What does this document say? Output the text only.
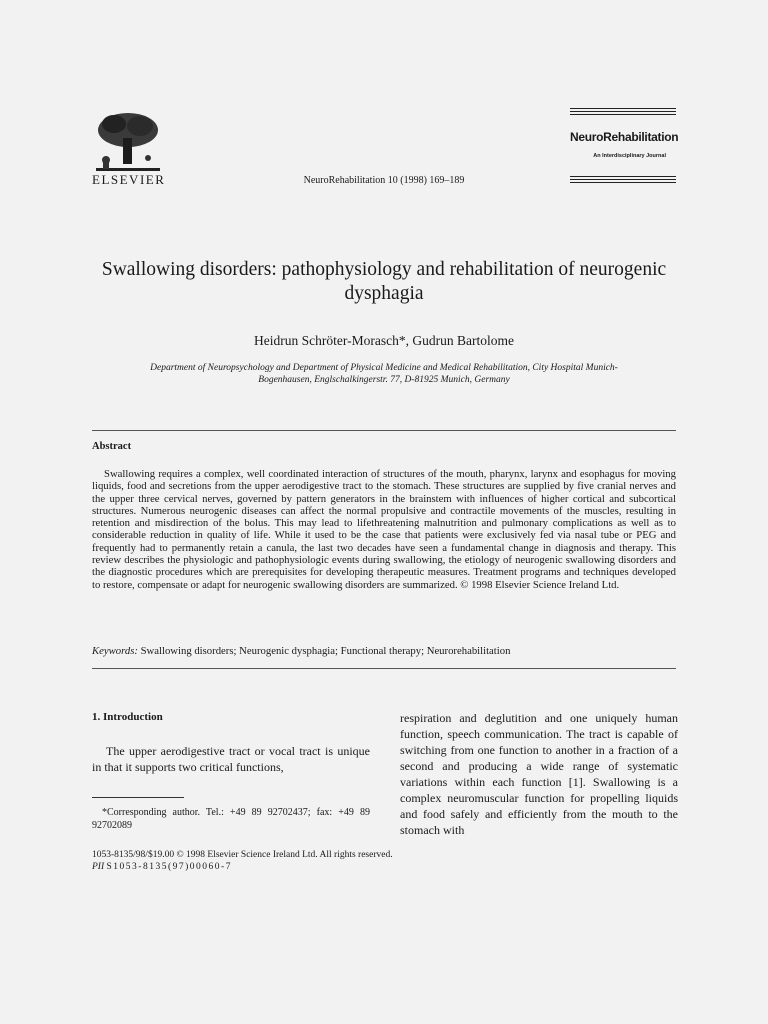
ELSEVIER	NeuroRehabilitation 10 (1998) 169–189
NeuroRehabilitation
An Interdisciplinary Journal
Swallowing disorders: pathophysiology and rehabilitation of neurogenic dysphagia
Heidrun Schröter-Morasch*, Gudrun Bartolome
Department of Neuropsychology and Department of Physical Medicine and Medical Rehabilitation, City Hospital Munich-Bogenhausen, Englschalkingerstr. 77, D-81925 Munich, Germany
Abstract
Swallowing requires a complex, well coordinated interaction of structures of the mouth, pharynx, larynx and esophagus for moving liquids, food and secretions from the upper aerodigestive tract to the stomach. These structures are supplied by five cranial nerves and the upper three cervical nerves, governed by pattern generators in the brainstem with influences of higher cortical and subcortical structures. Numerous neurogenic diseases can affect the normal propulsive and contractile movements of the muscles, resulting in retention and misdirection of the bolus. This may lead to lifethreatening malnutrition and pulmonary complications as well as to considerable reduction in quality of life. While it used to be the case that patients were exclusively fed via nasal tube or PEG and frequently had to permanently retain a canula, the last two decades have seen a fundamental change in diagnosis and therapy. This review describes the physiologic and pathophysiologic events during swallowing, the etiology of neurogenic swallowing disorders and the diagnostic procedures which are prerequisites for developing therapeutic measures. Treatment programs and techniques developed to restore, compensate or adapt for neurogenic swallowing disorders are summarized. © 1998 Elsevier Science Ireland Ltd.
Keywords: Swallowing disorders; Neurogenic dysphagia; Functional therapy; Neurorehabilitation
1. Introduction
The upper aerodigestive tract or vocal tract is unique in that it supports two critical functions,
*Corresponding author. Tel.: +49 89 92702437; fax: +49 89 92702089
respiration and deglutition and one uniquely human function, speech communication. The tract is capable of switching from one function to another in a fraction of a second and producing a wide range of systematic variations within each function [1]. Swallowing is a complex neuromuscular function for propelling liquids and food safely and efficiently from the mouth to the stomach with
1053-8135/98/$19.00 © 1998 Elsevier Science Ireland Ltd. All rights reserved.
PII S1053-8135(97)00060-7
